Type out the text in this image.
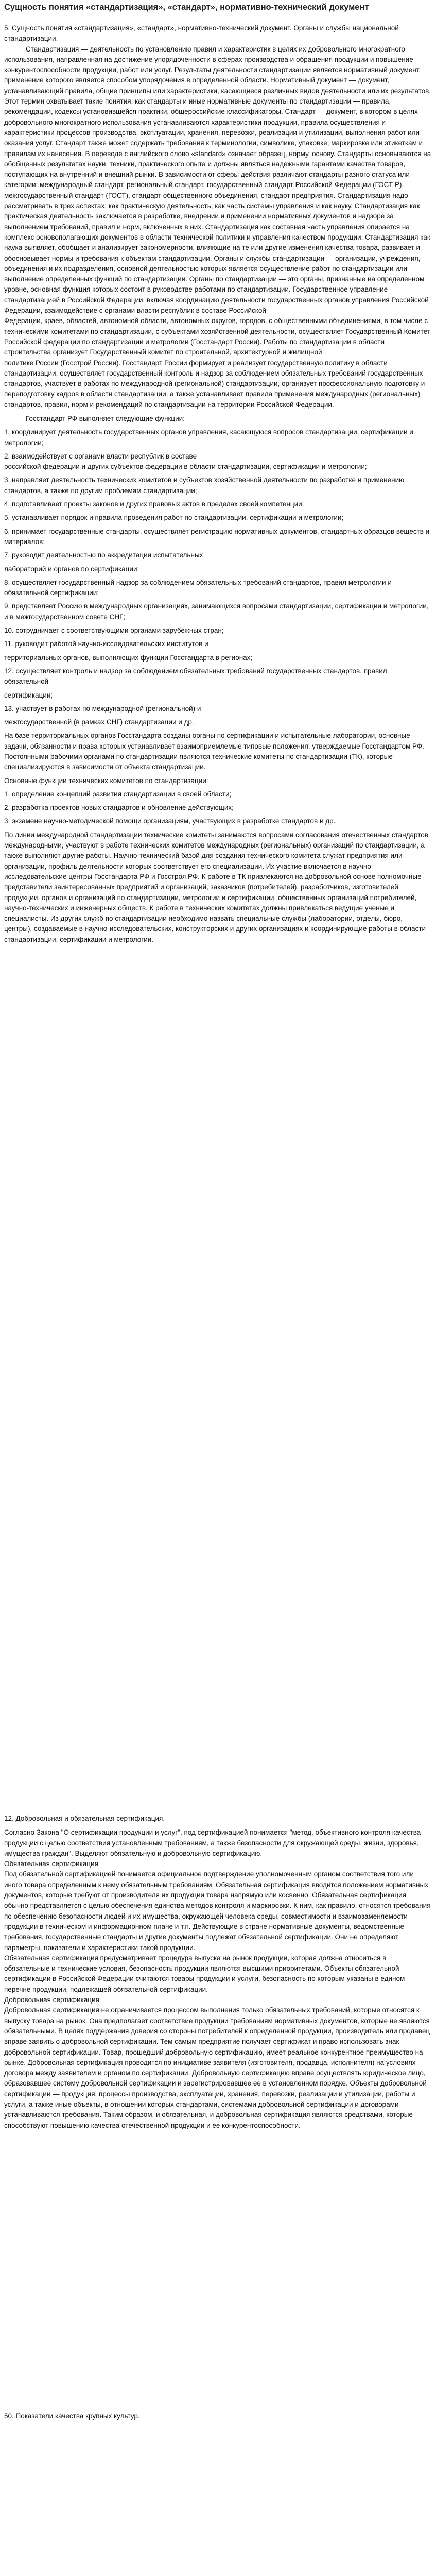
Сущность понятия «стандартизация», «стандарт», нормативно-технический документ

5. Сущность понятия «стандартизация», «стандарт», нормативно-технический документ. Органы и службы национальной стандартизации.

Стандартизация — деятельность по установлению правил и характеристик в целях их добровольного многократного использования, направленная на достижение упорядоченности в сферах производства и обращения продукции и повышение конкурентоспособности продукции, работ или услуг. Результаты деятельности стандартизации является нормативный документ, применение которого является способом упорядочения в определенной области. Нормативный документ — документ, устанавливающий правила, общие принципы или характеристики, касающиеся различных видов деятельности или их результатов. Этот термин охватывает такие понятия, как стандарты и иные нормативные документы по стандартизации — правила, рекомендации, кодексы установившейся практики, общероссийские классификаторы. Стандарт — документ, в котором в целях добровольного многократного использования устанавливаются характеристики продукции, правила осуществления и характеристики процессов производства, эксплуатации, хранения, перевозки, реализации и утилизации, выполнения работ или оказания услуг. Стандарт также может содержать требования к терминологии, символике, упаковке, маркировке или этикеткам и правилам их нанесения. В переводе с английского слово «standard» означает образец, норму, основу. Стандарты основываются на обобщенных результатах науки, техники, практического опыта и должны являться надежными гарантами качества товаров, поступающих на внутренний и внешний рынки. В зависимости от сферы действия различают стандарты разного статуса или категории: международный стандарт, региональный стандарт, государственный стандарт Российской Федерации (ГОСТ Р), межгосударственный стандарт (ГОСТ), стандарт общественного объединения, стандарт предприятия. Стандартизация надо рассматривать в трех аспектах: как практическую деятельность, как часть системы управления и как науку. Стандартизация как практическая деятельность заключается в разработке, внедрении и применении нормативных документов и надзоре за выполнением требований, правил и норм, включенных в них. Стандартизация как составная часть управления опирается на комплекс основополагающих документов в области технической политики и управления качеством продукции. Стандартизация как наука выявляет, обобщает и анализирует закономерности, влияющие на те или другие изменения качества товара, развивает и обосновывает нормы и требования к объектам стандартизации. Органы и службы стандартизации — организации, учреждения, объединения и их подразделения, основной деятельностью которых является осуществление работ по стандартизации или выполнение определенных функций по стандартизации. Органы по стандартизации — это органы, признанные на определенном уровне, основная функция которых состоит в руководстве работами по стандартизации. Государственное управление стандартизацией в Российской Федерации, включая координацию деятельности государственных органов управления Российской Федерации, взаимодействие с органами власти республик в составе Российской

Федерации, краев, областей, автономной области, автономных округов, городов, с общественными объединениями, в том числе с техническими комитетами по стандартизации, с субъектами хозяйственной деятельности, осуществляет Государственный Комитет Российской федерации по стандартизации и метрологии (Госстандарт России). Работы по стандартизации в области строительства организует Государственный комитет по строительной, архитектурной и жилищной

политике России (Госстрой России). Госстандарт России формирует и реализует государственную политику в области стандартизации, осуществляет государственный контроль и надзор за соблюдением обязательных требований государственных стандартов, участвует в работах по международной (региональной) стандартизации, организует профессиональную подготовку и переподготовку кадров в области стандартизации, а также устанавливает правила применения международных (региональных) стандартов, правил, норм и рекомендаций по стандартизации на территории Российской Федерации.

Госстандарт РФ выполняет следующие функции:

1. координирует деятельность государственных органов управления, касающуюся вопросов стандартизации, сертификации и метрологии;

2. взаимодействует с органами власти республик в составе

российской федерации и других субъектов федерации в области стандартизации, сертификации и метрологии;

3. направляет деятельность технических комитетов и субъектов хозяйственной деятельности по разработке и применению стандартов, а также по другим проблемам стандартизации;

4. подготавливает проекты законов и других правовых актов в пределах своей компетенции;

5. устанавливает порядок и правила проведения работ по стандартизации, сертификации и метрологии;

6. принимает государственные стандарты, осуществляет регистрацию нормативных документов, стандартных образцов веществ и материалов;

7. руководит деятельностью по аккредитации испытательных

лабораторий и органов по сертификации;

8. осуществляет государственный надзор за соблюдением обязательных требований стандартов, правил метрологии и обязательной сертификации;

9. представляет Россию в международных организациях, занимающихся вопросами стандартизации, сертификации и метрологии, и в межгосударственном совете СНГ;

10. сотрудничает с соответствующими органами зарубежных стран;

11. руководит работой научно-исследовательских институтов и

территориальных органов, выполняющих функции Госстандарта в регионах;

12. осуществляет контроль и надзор за соблюдением обязательных требований государственных стандартов, правил обязательной

сертификации;

13. участвует в работах по международной (региональной) и

межгосударственной (в рамках СНГ) стандартизации и др.

На базе территориальных органов Госстандарта созданы органы по сертификации и испытательные лаборатории, основные задачи, обязанности и права которых устанавливает взаимоприемлемые типовые положения, утверждаемые Госстандартом РФ. Постоянными рабочими органами по стандартизации являются технические комитеты по стандартизации (ТК), которые специализируются в зависимости от объекта стандартизации.

Основные функции технических комитетов по стандартизации:

1. определение концепций развития стандартизации в своей области;

2. разработка проектов новых стандартов и обновление действующих;

3. экзамене научно-методической помощи организациям, участвующих в разработке стандартов и др.

По линии международной стандартизации технические комитеты занимаются вопросами согласования отечественных стандартов международными, участвуют в работе технических комитетов международных (региональных) организаций по стандартизации, а также выполняют другие работы. Научно-технический базой для создания технического комитета служат предприятия или организации, профиль деятельности которых соответствует его специализации. Их участие включается в научно-исследовательские центры Госстандарта РФ и Госстроя РФ. К работе в ТК привлекаются на добровольной основе полномочные представители заинтересованных предприятий и организаций, заказчиков (потребителей), разработчиков, изготовителей продукции, органов и организаций по стандартизации, метрологии и сертификации, общественных организаций потребителей, научно-технических и инженерных обществ. К работе в технических комитетах должны привлекаться ведущие ученые и специалисты. Из других служб по стандартизации необходимо назвать специальные службы (лаборатории, отделы, бюро, центры), создаваемые в научно-исследовательских, конструкторских и других организациях и координирующие работы в области стандартизации, сертификации и метрологии.

12. Добровольная и обязательная сертификация.

Согласно Закона "О сертификации продукции и услуг", под сертификацией понимается "метод, объективного контроля качества продукции с целью соответствия установленным требованиям, а также безопасности для окружающей среды, жизни, здоровья, имущества граждан". Выделяют обязательную и добровольную сертификацию.

Обязательная сертификация

Под обязательной сертификацией понимается официальное подтверждение уполномоченным органом соответствия того или иного товара определенным к нему обязательным требованиям. Обязательная сертификация вводится положением нормативных документов, которые требуют от производителя их продукции товара напрямую или косвенно. Обязательная сертификация обычно представляется с целью обеспечения единства методов контроля и маркировки. К ним, как правило, относятся требования по обеспечению безопасности людей и их имущества, окружающей человека среды, совместимости и взаимозаменяемости продукции в техническом и информационном плане и т.п. Действующие в стране нормативные документы, ведомственные требования, государственные стандарты и другие документы подлежат обязательной сертификации. Они не определяют параметры, показатели и характеристики такой продукции.

Обязательная сертификация предусматривает процедура выпуска на рынок продукции, которая должна относиться в обязательные и технические условия, безопасность продукции являются высшими приоритетами. Объекты обязательной сертификации в Российской Федерации считаются товары продукции и услуги, безопасность по которым указаны в едином перечне продукции, подлежащей обязательной сертификации.

Добровольная сертификация

Добровольная сертификация не ограничивается процессом выполнения только обязательных требований, которые относятся к выпуску товара на рынок. Она предполагает соответствие продукции требованиям нормативных документов, которые не являются обязательными. В целях поддержания доверия со стороны потребителей к определенной продукции, производитель или продавец вправе заявить о добровольной сертификации. Тем самым предприятие получает сертификат и право использовать знак добровольной сертификации. Товар, прошедший добровольную сертификацию, имеет реальное конкурентное преимущество на рынке. Добровольная сертификация проводится по инициативе заявителя (изготовителя, продавца, исполнителя) на условиях договора между заявителем и органом по сертификации. Добровольную сертификацию вправе осуществлять юридическое лицо, образовавшее систему добровольной сертификации и зарегистрировавшее ее в установленном порядке. Объекты добровольной сертификации — продукция, процессы производства, эксплуатации, хранения, перевозки, реализации и утилизации, работы и услуги, а также иные объекты, в отношении которых стандартами, системами добровольной сертификации и договорами устанавливаются требования. Таким образом, и обязательная, и добровольная сертификация являются средствами, которые способствуют повышению качества отечественной продукции и ее конкурентоспособности.

50. Показатели качества крупных культур.
